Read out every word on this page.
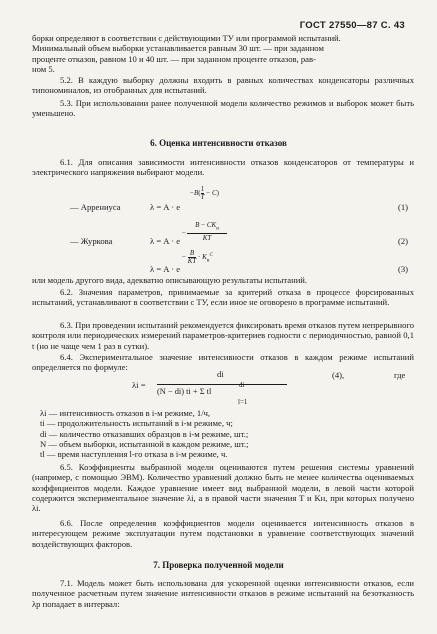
ГОСТ 27550—87 С. 43
борки определяют в соответствии с действующими ТУ или программой испытаний.
Минимальный объем выборки устанавливается равным 30 шт. — при заданном
проценте отказов, равном 10 и 40 шт. — при заданном проценте отказов, рав-
ном 5.

5.2. В каждую выборку должны входить в равных количествах конденсаторы различных типономиналов, из отобранных для испытаний.

5.3. При использовании ранее полученной модели количество режимов и выборок может быть уменьшено.

6. Оценка интенсивности отказов

6.1. Для описания зависимости интенсивности отказов конденсаторов от температуры и электрического напряжения выбирают модели.

$-B( \frac{1}{T} - C)$
— Аррениуса	λ = A · e	(1)
$B - CK_н$
KT
−
— Журкова	λ = A · e	(2)
− $\frac{B}{KT} \cdot K_н^C$
λ = A · e	(3)

или модель другого вида, адекватно описывающую результаты испытаний.

6.2. Значения параметров, принимаемые за критерий отказа в процессе форсированных испытаний, устанавливают в соответствии с ТУ, если иное не оговорено в программе испытаний.

6.3. При проведении испытаний рекомендуется фиксировать время отказов путем непрерывного контроля или периодических измерений параметров-критериев годности с периодичностью, равной 0,1 t (но не чаще чем 1 раз в сутки).

6.4. Экспериментальное значение интенсивности отказов в каждом режиме испытаний определяется по формуле:

λi =
di
(N − di) ti + Σ tl
di
l=1
(4),	где
λi — интенсивность отказов в i-м режиме, 1/ч,
ti — продолжительность испытаний в i-м режиме, ч;
di — количество отказавших образцов в i-м режиме, шт.;
N — объем выборки, испытанной в каждом режиме, шт.;
tl — время наступления l-го отказа в i-м режиме, ч.

6.5. Коэффициенты выбранной модели оцениваются путем решения системы уравнений (например, с помощью ЭВМ). Количество уравнений должно быть не менее количества оцениваемых коэффициентов модели. Каждое уравнение имеет вид выбранной модели, в левой части которой содержится экспериментальное значение λi, а в правой части значения T и Kн, при которых получено λi.

6.6. После определения коэффициентов модели оценивается интенсивность отказов в интересующем режиме эксплуатации путем подстановки в уравнение соответствующих значений воздействующих факторов.

7. Проверка полученной модели

7.1. Модель может быть использована для ускоренной оценки интенсивности отказов, если полученное расчетным путем значение интенсивности отказов в режиме испытаний на безотказность λр попадает в интервал:
